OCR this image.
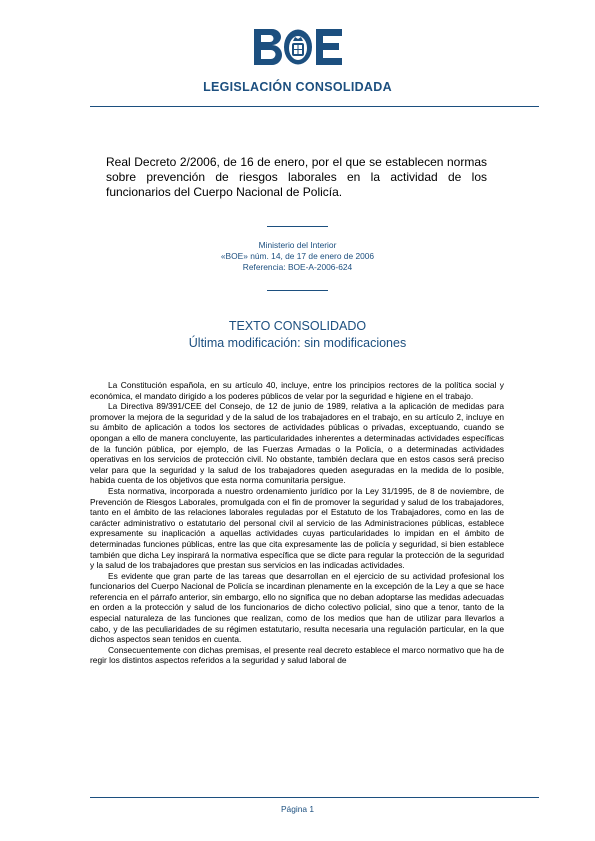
LEGISLACIÓN CONSOLIDADA
Real Decreto 2/2006, de 16 de enero, por el que se establecen normas sobre prevención de riesgos laborales en la actividad de los funcionarios del Cuerpo Nacional de Policía.
Ministerio del Interior
«BOE» núm. 14, de 17 de enero de 2006
Referencia: BOE-A-2006-624
TEXTO CONSOLIDADO
Última modificación: sin modificaciones

La Constitución española, en su artículo 40, incluye, entre los principios rectores de la política social y económica, el mandato dirigido a los poderes públicos de velar por la seguridad e higiene en el trabajo.

La Directiva 89/391/CEE del Consejo, de 12 de junio de 1989, relativa a la aplicación de medidas para promover la mejora de la seguridad y de la salud de los trabajadores en el trabajo, en su artículo 2, incluye en su ámbito de aplicación a todos los sectores de actividades públicas o privadas, exceptuando, cuando se opongan a ello de manera concluyente, las particularidades inherentes a determinadas actividades específicas de la función pública, por ejemplo, de las Fuerzas Armadas o la Policía, o a determinadas actividades operativas en los servicios de protección civil. No obstante, también declara que en estos casos será preciso velar para que la seguridad y la salud de los trabajadores queden aseguradas en la medida de lo posible, habida cuenta de los objetivos que esta norma comunitaria persigue.

Esta normativa, incorporada a nuestro ordenamiento jurídico por la Ley 31/1995, de 8 de noviembre, de Prevención de Riesgos Laborales, promulgada con el fin de promover la seguridad y salud de los trabajadores, tanto en el ámbito de las relaciones laborales reguladas por el Estatuto de los Trabajadores, como en las de carácter administrativo o estatutario del personal civil al servicio de las Administraciones públicas, establece expresamente su inaplicación a aquellas actividades cuyas particularidades lo impidan en el ámbito de determinadas funciones públicas, entre las que cita expresamente las de policía y seguridad, si bien establece también que dicha Ley inspirará la normativa específica que se dicte para regular la protección de la seguridad y la salud de los trabajadores que prestan sus servicios en las indicadas actividades.

Es evidente que gran parte de las tareas que desarrollan en el ejercicio de su actividad profesional los funcionarios del Cuerpo Nacional de Policía se incardinan plenamente en la excepción de la Ley a que se hace referencia en el párrafo anterior, sin embargo, ello no significa que no deban adoptarse las medidas adecuadas en orden a la protección y salud de los funcionarios de dicho colectivo policial, sino que a tenor, tanto de la especial naturaleza de las funciones que realizan, como de los medios que han de utilizar para llevarlos a cabo, y de las peculiaridades de su régimen estatutario, resulta necesaria una regulación particular, en la que dichos aspectos sean tenidos en cuenta.

Consecuentemente con dichas premisas, el presente real decreto establece el marco normativo que ha de regir los distintos aspectos referidos a la seguridad y salud laboral de

Página 1
